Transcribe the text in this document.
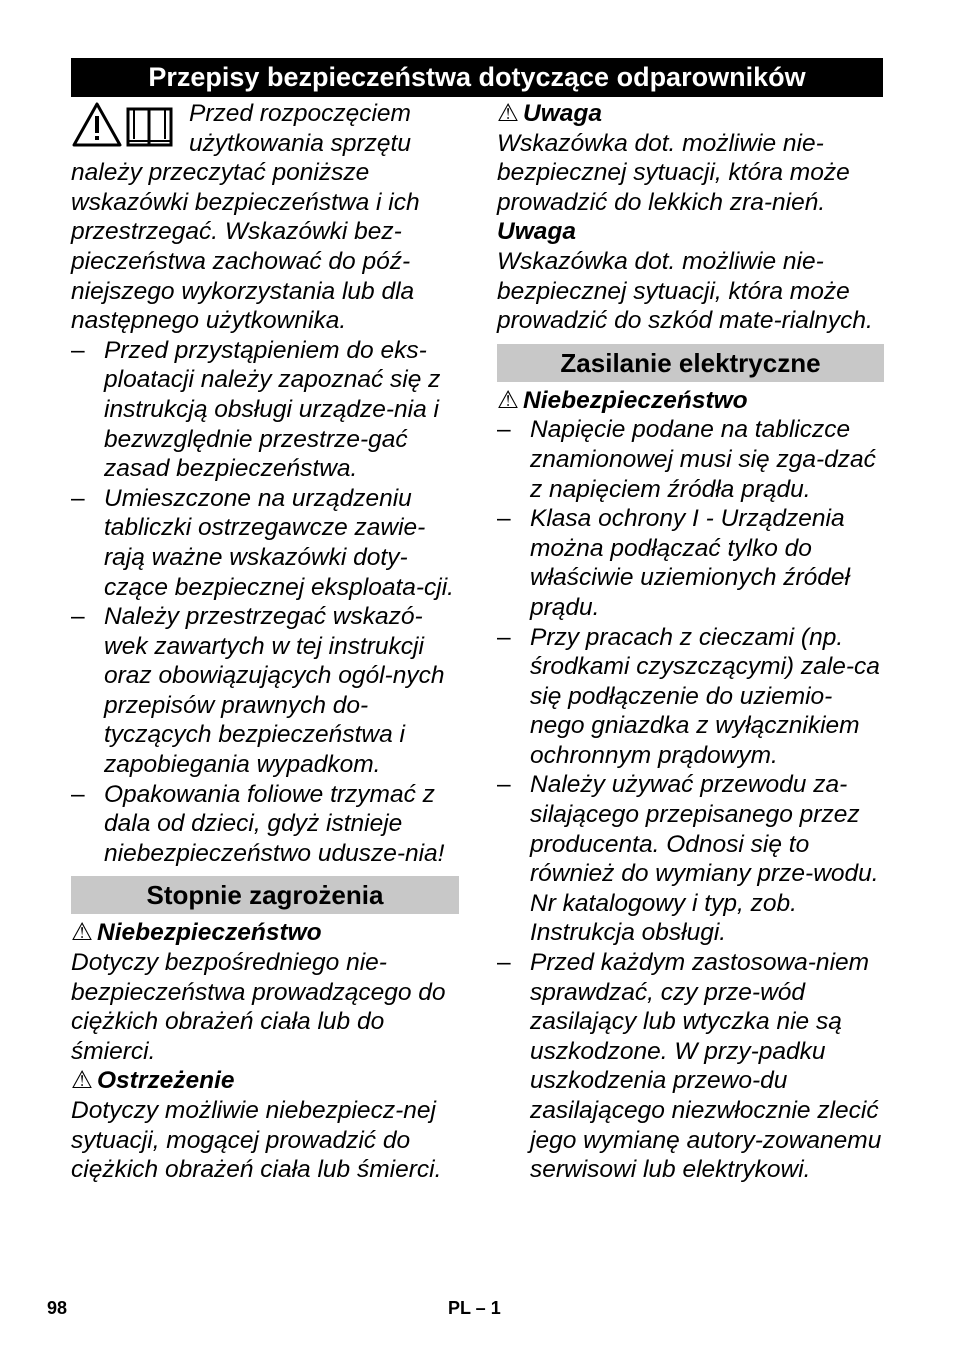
Przepisy bezpieczeństwa dotyczące odparowników

Przed rozpoczęciem

użytkowania sprzętu

należy przeczytać poniższe wskazówki bezpieczeństwa i ich przestrzegać. Wskazówki bez-pieczeństwa zachować do póź-niejszego wykorzystania lub dla następnego użytkownika.

– Przed przystąpieniem do eks-ploatacji należy zapoznać się z instrukcją obsługi urządze-nia i bezwzględnie przestrze-gać zasad bezpieczeństwa.
– Umieszczone na urządzeniu tabliczki ostrzegawcze zawie-rają ważne wskazówki doty-czące bezpiecznej eksploata-cji.
– Należy przestrzegać wskazó-wek zawartych w tej instrukcji oraz obowiązujących ogól-nych przepisów prawnych do-tyczących bezpieczeństwa i zapobiegania wypadkom.
– Opakowania foliowe trzymać z dala od dzieci, gdyż istnieje niebezpieczeństwo udusze-nia!
Stopnie zagrożenia

⚠ Niebezpieczeństwo

Dotyczy bezpośredniego nie-bezpieczeństwa prowadzącego do ciężkich obrażeń ciała lub do śmierci.

⚠ Ostrzeżenie

Dotyczy możliwie niebezpiecz-nej sytuacji, mogącej prowadzić do ciężkich obrażeń ciała lub śmierci.

⚠ Uwaga

Wskazówka dot. możliwie nie-bezpiecznej sytuacji, która może prowadzić do lekkich zra-nień.

Uwaga

Wskazówka dot. możliwie nie-bezpiecznej sytuacji, która może prowadzić do szkód mate-rialnych.

Zasilanie elektryczne

⚠ Niebezpieczeństwo

– Napięcie podane na tabliczce znamionowej musi się zga-dzać z napięciem źródła prądu.
– Klasa ochrony I - Urządzenia można podłączać tylko do właściwie uziemionych źródeł prądu.
– Przy pracach z cieczami (np. środkami czyszczącymi) zale-ca się podłączenie do uziemio-nego gniazdka z wyłącznikiem ochronnym prądowym.
– Należy używać przewodu za-silającego przepisanego przez producenta. Odnosi się to również do wymiany prze-wodu. Nr katalogowy i typ, zob. Instrukcja obsługi.
– Przed każdym zastosowa-niem sprawdzać, czy prze-wód zasilający lub wtyczka nie są uszkodzone. W przy-padku uszkodzenia przewo-du zasilającego niezwłocznie zlecić jego wymianę autory-zowanemu serwisowi lub elektrykowi.
98	PL – 1
